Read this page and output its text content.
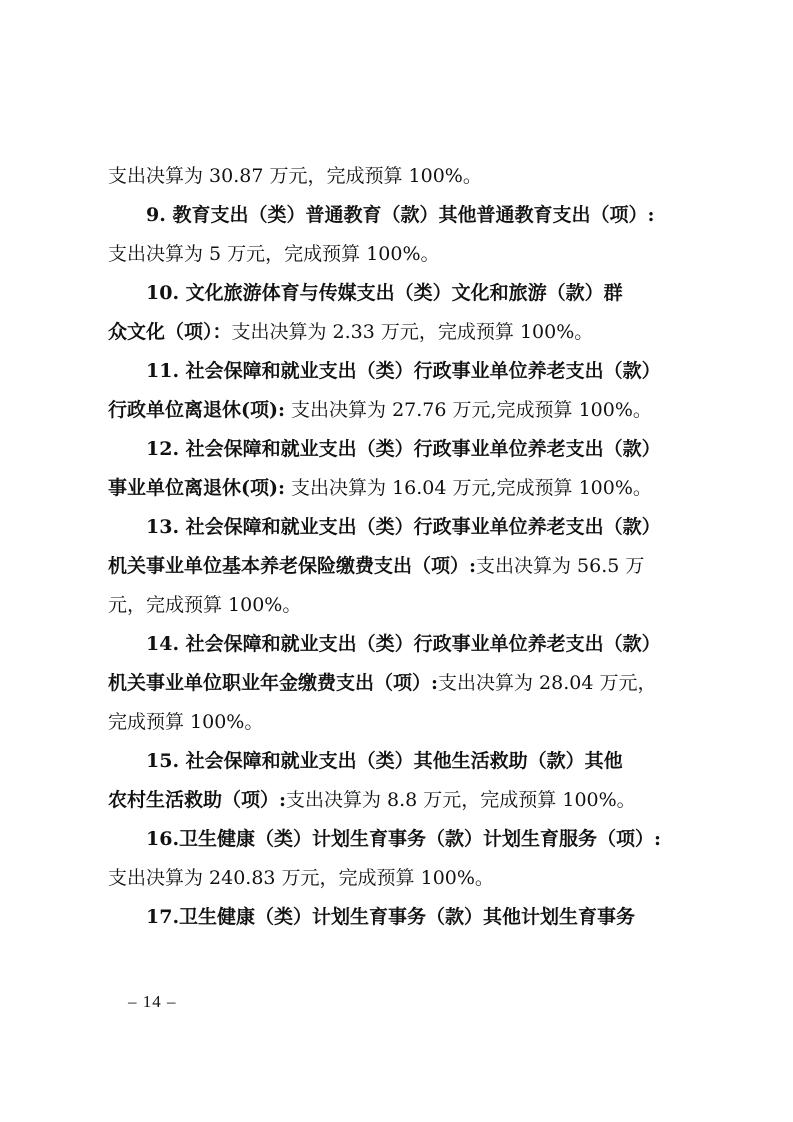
支出决算为 30.87 万元，完成预算 100%。
9. 教育支出（类）普通教育（款）其他普通教育支出（项）:
支出决算为 5 万元，完成预算 100%。
10. 文化旅游体育与传媒支出（类）文化和旅游（款）群
众文化（项）：支出决算为 2.33 万元，完成预算 100%。
11. 社会保障和就业支出（类）行政事业单位养老支出（款）
行政单位离退休(项): 支出决算为 27.76 万元,完成预算 100%。
12. 社会保障和就业支出（类）行政事业单位养老支出（款）
事业单位离退休(项): 支出决算为 16.04 万元,完成预算 100%。
13. 社会保障和就业支出（类）行政事业单位养老支出（款）
机关事业单位基本养老保险缴费支出（项）:支出决算为 56.5 万
元，完成预算 100%。
14. 社会保障和就业支出（类）行政事业单位养老支出（款）
机关事业单位职业年金缴费支出（项）:支出决算为 28.04 万元，
完成预算 100%。
15. 社会保障和就业支出（类）其他生活救助（款）其他
农村生活救助（项）:支出决算为 8.8 万元，完成预算 100%。
16.卫生健康（类）计划生育事务（款）计划生育服务（项）:
支出决算为 240.83 万元，完成预算 100%。
17.卫生健康（类）计划生育事务（款）其他计划生育事务
– 14 –
